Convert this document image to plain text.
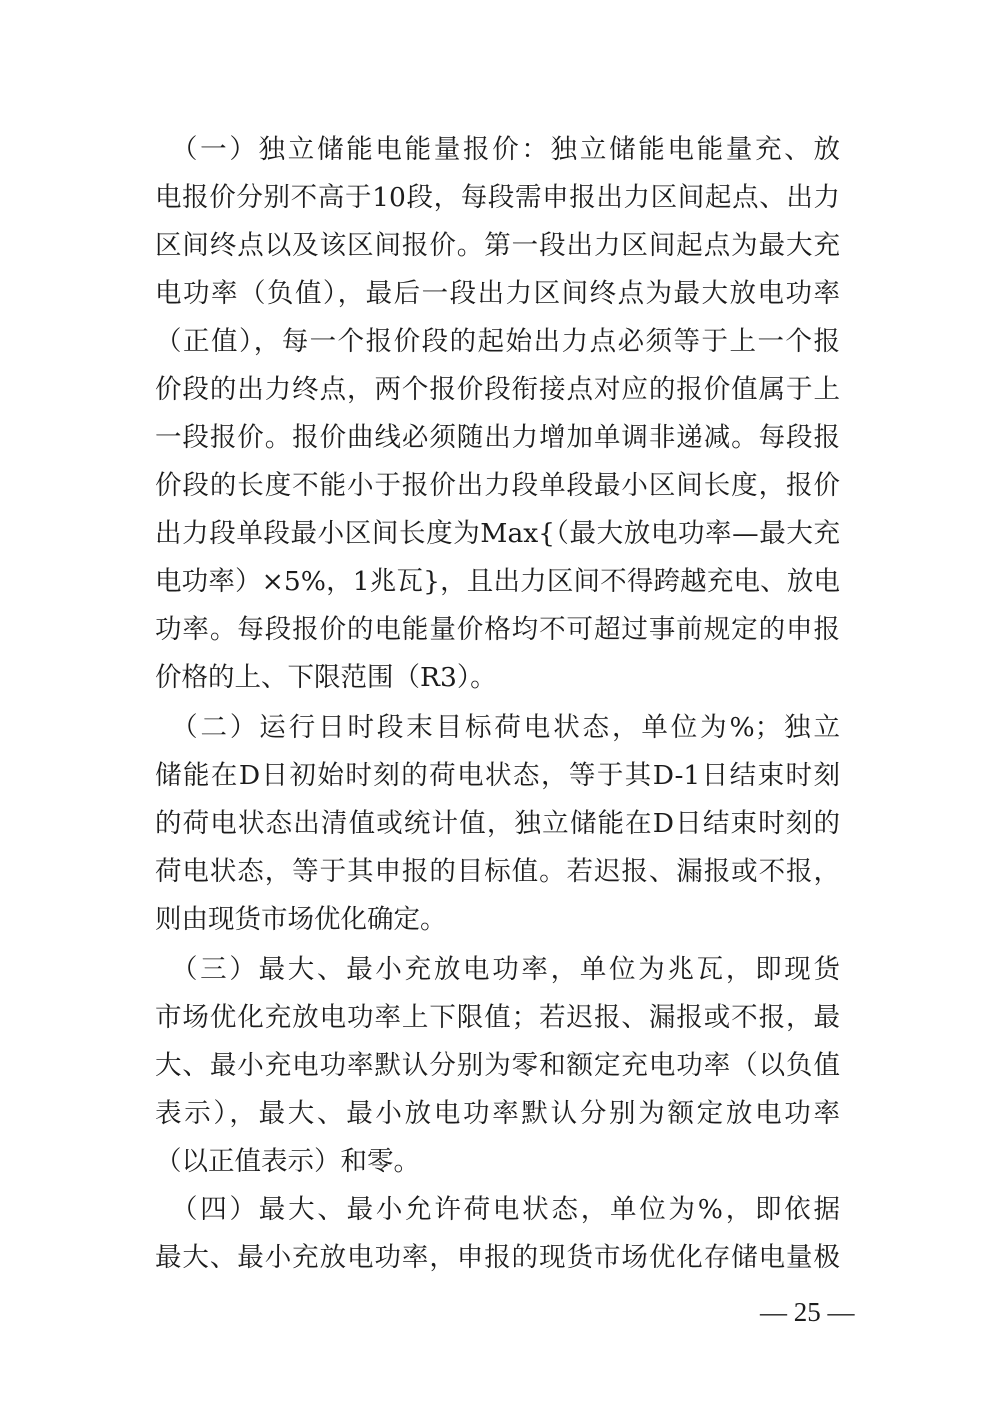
　（一）独立储能电能量报价：独立储能电能量充、放
电报价分别不高于10段，每段需申报出力区间起点、出力
区间终点以及该区间报价。第一段出力区间起点为最大充
电功率（负值），最后一段出力区间终点为最大放电功率
（正值），每一个报价段的起始出力点必须等于上一个报
价段的出力终点，两个报价段衔接点对应的报价值属于上
一段报价。报价曲线必须随出力增加单调非递减。每段报
价段的长度不能小于报价出力段单段最小区间长度，报价
出力段单段最小区间长度为Max{（最大放电功率—最大充
电功率）×5%，1兆瓦}，且出力区间不得跨越充电、放电
功率。每段报价的电能量价格均不可超过事前规定的申报
价格的上、下限范围（R3）。
　（二）运行日时段末目标荷电状态，单位为%；独立
储能在D日初始时刻的荷电状态，等于其D-1日结束时刻
的荷电状态出清值或统计值，独立储能在D日结束时刻的
荷电状态，等于其申报的目标值。若迟报、漏报或不报，
则由现货市场优化确定。
　（三）最大、最小充放电功率，单位为兆瓦，即现货
市场优化充放电功率上下限值；若迟报、漏报或不报，最
大、最小充电功率默认分别为零和额定充电功率（以负值
表示），最大、最小放电功率默认分别为额定放电功率
（以正值表示）和零。
　（四）最大、最小允许荷电状态，单位为%，即依据
最大、最小充放电功率，申报的现货市场优化存储电量极
— 25 —
